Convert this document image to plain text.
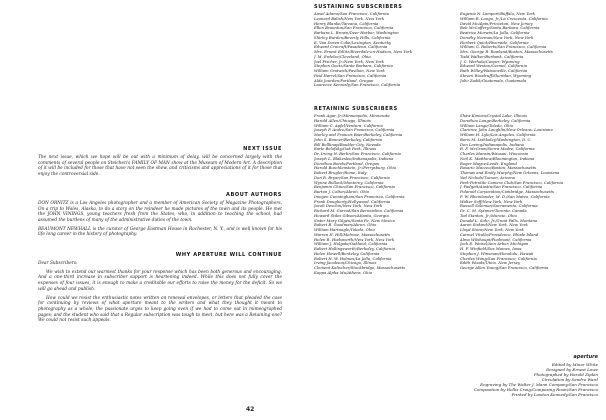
NEXT ISSUE

The next issue, which we hope will be out with a minimum of delay, will be concerned largely with the comments of several people on Steichen's FAMILY OF MAN show at the Museum of Modern Art. A description of it will be included for those that have not seen the show, and criticisms and appreciations of it for those that enjoy the controversial side.

ABOUT AUTHORS

DON ORNITZ is a Los Angeles photographer and a member of American Society of Magazine Photographers. On a trip to Wales, Alaska, to do a story on the reindeer he made pictures of the town and its people. He met the JOHN VININGS, young teachers fresh from the States, who, in addition to teaching the school, had assumed the burdens of many of the administrative duties of the town.

BEAUMONT NEWHALL is the curator of George Eastman House in Rochester, N. Y., and is well known for his life long career in the history of photography.

WHY APERTURE WILL CONTINUE

Dear Subscribers:

We wish to extend our warmest thanks for your response which has been both generous and encouraging. And a one-third increase in subscriber support is heartening indeed. While this does not fully cover the expenses of four issues, it is enough to make a creditable our efforts to raise the money for the deficit. So we will go ahead and publish.

How could we resist the enthusiastic notes written on renewal envelopes, or letters that pleaded the case for continuing by reviews of what aperture meant to the writers and what they thought it meant to photography as a whole; the passionate urges to keep going even if we had to come out in mimeographed pages; and the student who said that a Regular subscription was tough to meet, but here was a Retaining one? We could not resist such appeals.

42
SUSTAINING SUBSCRIBERS
Ansel Adams/San Francisco, California
Leonard Balish/New York, New York
Henry Blanke/Tarzana, California
Ellen Braunton/San Francisco, California
Barbara L. Brown/Deer Harbor, Washington
Shirley Burden/Beverly Hills, California
E. Van Doren Coke/Lexington, Kentucky
Edward Crocraft/Pasadena, California
Mrs. Ernest Edlitz/Riverdale-on-Hudson, New York
J. M. Erdelac/Cleveland, Ohio
Joel Fischer, Jr./New York, New York
Stephen Goetz/Santa Barbara, California
William Gratwick/Pavilion, New York
Paul Harrel/San Francisco, California
Alda Jourdan/Portland, Oregon
Laurence Kennedy/San Francisco, California
Eugenia N. Lamport/Buffalo, New York
William R. Longo, Jr./La Crescenta, California
David McAlpin/Princeton, New Jersey
Bob McCaffery/Santa Barbara, California
Beatrice Morwin/La Jolla, California
Dorothy Norman/New York, New York
Herbert Quick/Riverside, California
William G. Roberts/San Francisco, California
Mrs. George R. Rowland/Boston, Massachusetts
Todd Walker/Burbank, California
J. C. Warhola/Casper, Wyoming
Edward Weston/Carmel, California
Ruth Willey/Watsonville, California
Steven Woodruff/Sheridan, Wyoming
Julio Zadik/Guatemala, Guatemala
RETAINING SUBSCRIBERS
Frank Agar, Jr./Minneapolis, Minnesota
Harold Allen/Chicago, Illinois
William C. Apfel/Ventura, California
Joseph F. Andre/San Francisco, California
Morley and Frances Baer/Berkeley, California
John S. Bonner/Berkeley, California
Bill Bellknap/Boulder City, Nevada
Earle Belofsky/Oak Park, Illinois
Dr. Irving N. Berlin/San Francisco, California
Joseph L. Blakeslee/Indianapolis, Indiana
Dorothea Bonds/Portland, Oregon
Harold Boschlenstein, Jr./Perrysburg, Ohio
Robert Brugler/Rome, Italy
Don R. Bryan/San Francisco, California
Wynne Bullock/Monterey, California
Benjamin Chinn/San Francisco, California
Burton J. Colton/Akron, Ohio
Imogen Cunningham/San Francisco, California
Frank Daugherty/Hollywood, California
Jacob Deschin/New York, New York
Richard M. Garrod/San Bernardino, California
Howard Stiles Gibson/Atlanta, Georgia
Sister Mary Gilgen/Santa Fe, New Mexico
Robert B. Goodman/Akron, Ohio
William Hartnagle/Toledo, Ohio
Warren H. Hill/Melrose, Massachusetts
Helen R. Hodsworth/New York, New York
William J. Holgate/Oakland, California
Robert Hollingsworth/Berkeley, California
Helen Howell/Berkeley, California
Robert H. W. Holmes/La Jolla, California
Irving Jacobson/Chicago, Illinois
Clement Kalischer/Stockbridge, Massachusetts
Kappa Alpha Mu/Athens, Ohio
Shaw Kimura/Crystal Lake, Illinois
Dorothea Lange/Berkeley, California
William Lange/Toledo, Ohio
Clarence John Laughlin/New Orleans, Louisiana
William H. Lyle/Los Angeles, California
Boris M. Lishkoley/Washington, D. C.
Don Loving/Indianapolis, Indiana
R. F. McGraw/Sierra Madre, California
Charles Mansin/Wausau, Wisconsin
Neil K. Matthew/Bloomington, Indiana
Roger Mayne/Leeds, England
Rosario Mazzeo/Boston, Massachusetts
Thomas and Emily Murphy/New Orleans, Louisiana
Yad Nichols/Tucson, Arizona
Park-Petrolite Camera Club/San Francisco, California
J. Padgett/Austin/San Francisco, California
Polaroid Corporation/Cambridge, Massachusetts
F. W. Rheinlander, M. D./San Mateo, California
Walter Seff/New York, New York
Russell Solomon/Sacramento, California
Dr. C. M. Spinner/Toronto, Canada
Ted Stanton, Jr./Muncie, Ohio
Donald L. Suhr, Jr./Great Falls, Montana
Aaron Siskind/New York, New York
Lloyd Stone/New York, New York
Carmel Vitullo/Providence, Rhode Island
Alma Wilshaupt/Piedmont, California
Jack E. Weisel/Ann Arbor, Michigan
H. F. Winfield/Des Moines, Iowa
Stephen J. Winsman/Honolulu, Hawaii
Charles Wong/San Francisco, California
Edith Woods/Utica, New Jersey
George Allen Young/San Francisco, California
aperture
Edited by Minor White
Designed by Ernest Lowe
Photographed by Harold Zipkin
Circulation by Sandra Ward
Engraving by The Walter J. Mann Company/San Francisco
Composition by Hollis Craig/Composing Room/San Francisco
Printed by Lawton Kennedy/San Francisco
